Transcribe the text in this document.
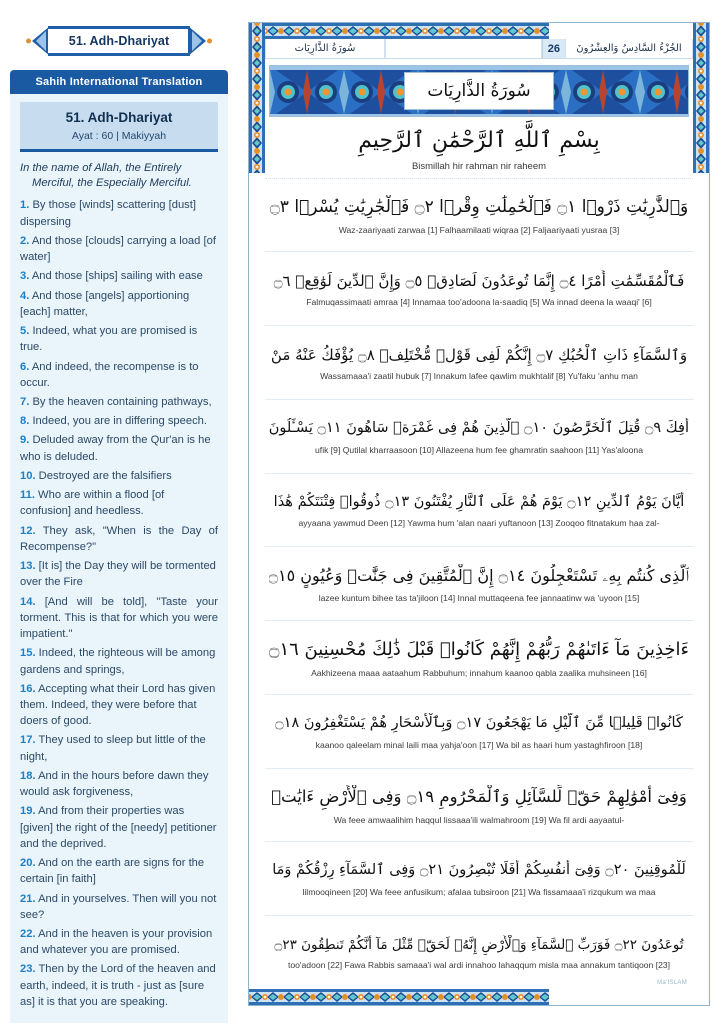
51. Adh-Dhariyat
Sahih International Translation
51. Adh-Dhariyat
Ayat : 60 | Makiyyah
In the name of Allah, the Entirely
Merciful, the Especially Merciful.
1. By those [winds] scattering [dust] dispersing
2. And those [clouds] carrying a load [of water]
3. And those [ships] sailing with ease
4. And those [angels] apportioning [each] matter,
5. Indeed, what you are promised is true.
6. And indeed, the recompense is to occur.
7. By the heaven containing pathways,
8. Indeed, you are in differing speech.
9. Deluded away from the Qur'an is he who is deluded.
10. Destroyed are the falsifiers
11. Who are within a flood [of confusion] and heedless.
12. They ask, "When is the Day of Recompense?"
13. [It is] the Day they will be tormented over the Fire
14. [And will be told], "Taste your torment. This is that for which you were impatient."
15. Indeed, the righteous will be among gardens and springs,
16. Accepting what their Lord has given them. Indeed, they were before that doers of good.
17. They used to sleep but little of the night,
18. And in the hours before dawn they would ask forgiveness,
19. And from their properties was [given] the right of the [needy] petitioner and the deprived.
20. And on the earth are signs for the certain [in faith]
21. And in yourselves. Then will you not see?
22. And in the heaven is your provision and whatever you are promised.
23. Then by the Lord of the heaven and earth, indeed, it is truth - just as [sure as] it is that you are speaking.
سُورَةُ الذَّارِيَات	26	الجُزْءُ السَّادِسُ وَالعِشْرُونَ
سُورَةُ الذَّارِيَات
بِسْمِ ٱللَّهِ ٱلرَّحْمَٰنِ ٱلرَّحِيمِ
Bismillah hir rahman nir raheem
وَٱلذَّٰرِيَٰتِ ذَرْوࣰا ۝١ فَٱلْحَٰمِلَٰتِ وِقْرࣰا ۝٢ فَٱلْجَٰرِيَٰتِ يُسْرࣰا ۝٣
Waz-zaariyaati zarwaa [1] Falhaamilaati wiqraa [2] Faljaariyaati yusraa [3]
فَٱلْمُقَسِّمَٰتِ أَمْرًا ۝٤ إِنَّمَا تُوعَدُونَ لَصَادِقࣱ ۝٥ وَإِنَّ ٱلدِّينَ لَوَٰقِعࣱ ۝٦
Falmuqassimaati amraa [4] Innamaa too'adoona la-saadiq [5] Wa innad deena la waaqi' [6]
وَٱلسَّمَآءِ ذَاتِ ٱلْحُبُكِ ۝٧ إِنَّكُمْ لَفِى قَوْلࣲ مُّخْتَلِفࣲ ۝٨ يُؤْفَكُ عَنْهُ مَنْ
Wassamaaa'i zaatil hubuk [7] Innakum lafee qawlim mukhtalif [8] Yu'faku 'anhu man
أُفِكَ ۝٩ قُتِلَ ٱلْخَرَّٰصُونَ ۝١٠ ٱلَّذِينَ هُمْ فِى غَمْرَةࣲ سَاهُونَ ۝١١ يَسْـَٔلُونَ
ufik [9] Qutilal kharraasoon [10] Allazeena hum fee ghamratin saahoon [11] Yas'aloona
أَيَّانَ يَوْمُ ٱلدِّينِ ۝١٢ يَوْمَ هُمْ عَلَى ٱلنَّارِ يُفْتَنُونَ ۝١٣ ذُوقُوا۟ فِتْنَتَكُمْ هَٰذَا
ayyaana yawmud Deen [12] Yawma hum 'alan naari yuftanoon [13] Zooqoo fitnatakum haa zal-
ٱلَّذِى كُنتُم بِهِۦ تَسْتَعْجِلُونَ ۝١٤ إِنَّ ٱلْمُتَّقِينَ فِى جَنَّٰتࣲ وَعُيُونٍ ۝١٥
lazee kuntum bihee tas ta'jiloon [14] Innal muttaqeena fee jannaatinw wa 'uyoon [15]
ءَاخِذِينَ مَآ ءَاتَىٰهُمْ رَبُّهُمْ إِنَّهُمْ كَانُوا۟ قَبْلَ ذَٰلِكَ مُحْسِنِينَ ۝١٦
Aakhizeena maaa aataahum Rabbuhum; innahum kaanoo qabla zaalika muhsineen [16]
كَانُوا۟ قَلِيلࣰا مِّنَ ٱلَّيْلِ مَا يَهْجَعُونَ ۝١٧ وَبِٱلْأَسْحَارِ هُمْ يَسْتَغْفِرُونَ ۝١٨
kaanoo qaleelam minal laili maa yahja'oon [17] Wa bil as haari hum yastaghfiroon [18]
وَفِىٓ أَمْوَٰلِهِمْ حَقࣱّ لِّلسَّآئِلِ وَٱلْمَحْرُومِ ۝١٩ وَفِى ٱلْأَرْضِ ءَايَٰتࣱ
Wa feee amwaalihim haqqul lissaaa'ili walmahroom [19] Wa fil ardi aayaatul-
لِّلْمُوقِنِينَ ۝٢٠ وَفِىٓ أَنفُسِكُمْ أَفَلَا تُبْصِرُونَ ۝٢١ وَفِى ٱلسَّمَآءِ رِزْقُكُمْ وَمَا
lilmooqineen [20] Wa feee anfusikum; afalaa tubsiroon [21] Wa fissamaaa'i rizqukum wa maa
تُوعَدُونَ ۝٢٢ فَوَرَبِّ ٱلسَّمَآءِ وَٱلْأَرْضِ إِنَّهُۥ لَحَقࣱّ مِّثْلَ مَآ أَنَّكُمْ تَنطِقُونَ ۝٢٣
too'adoon [22] Fawa Rabbis samaaa'i wal ardi innahoo lahaqqum misla maa annakum tantiqoon [23]
Ma'ISLAM
